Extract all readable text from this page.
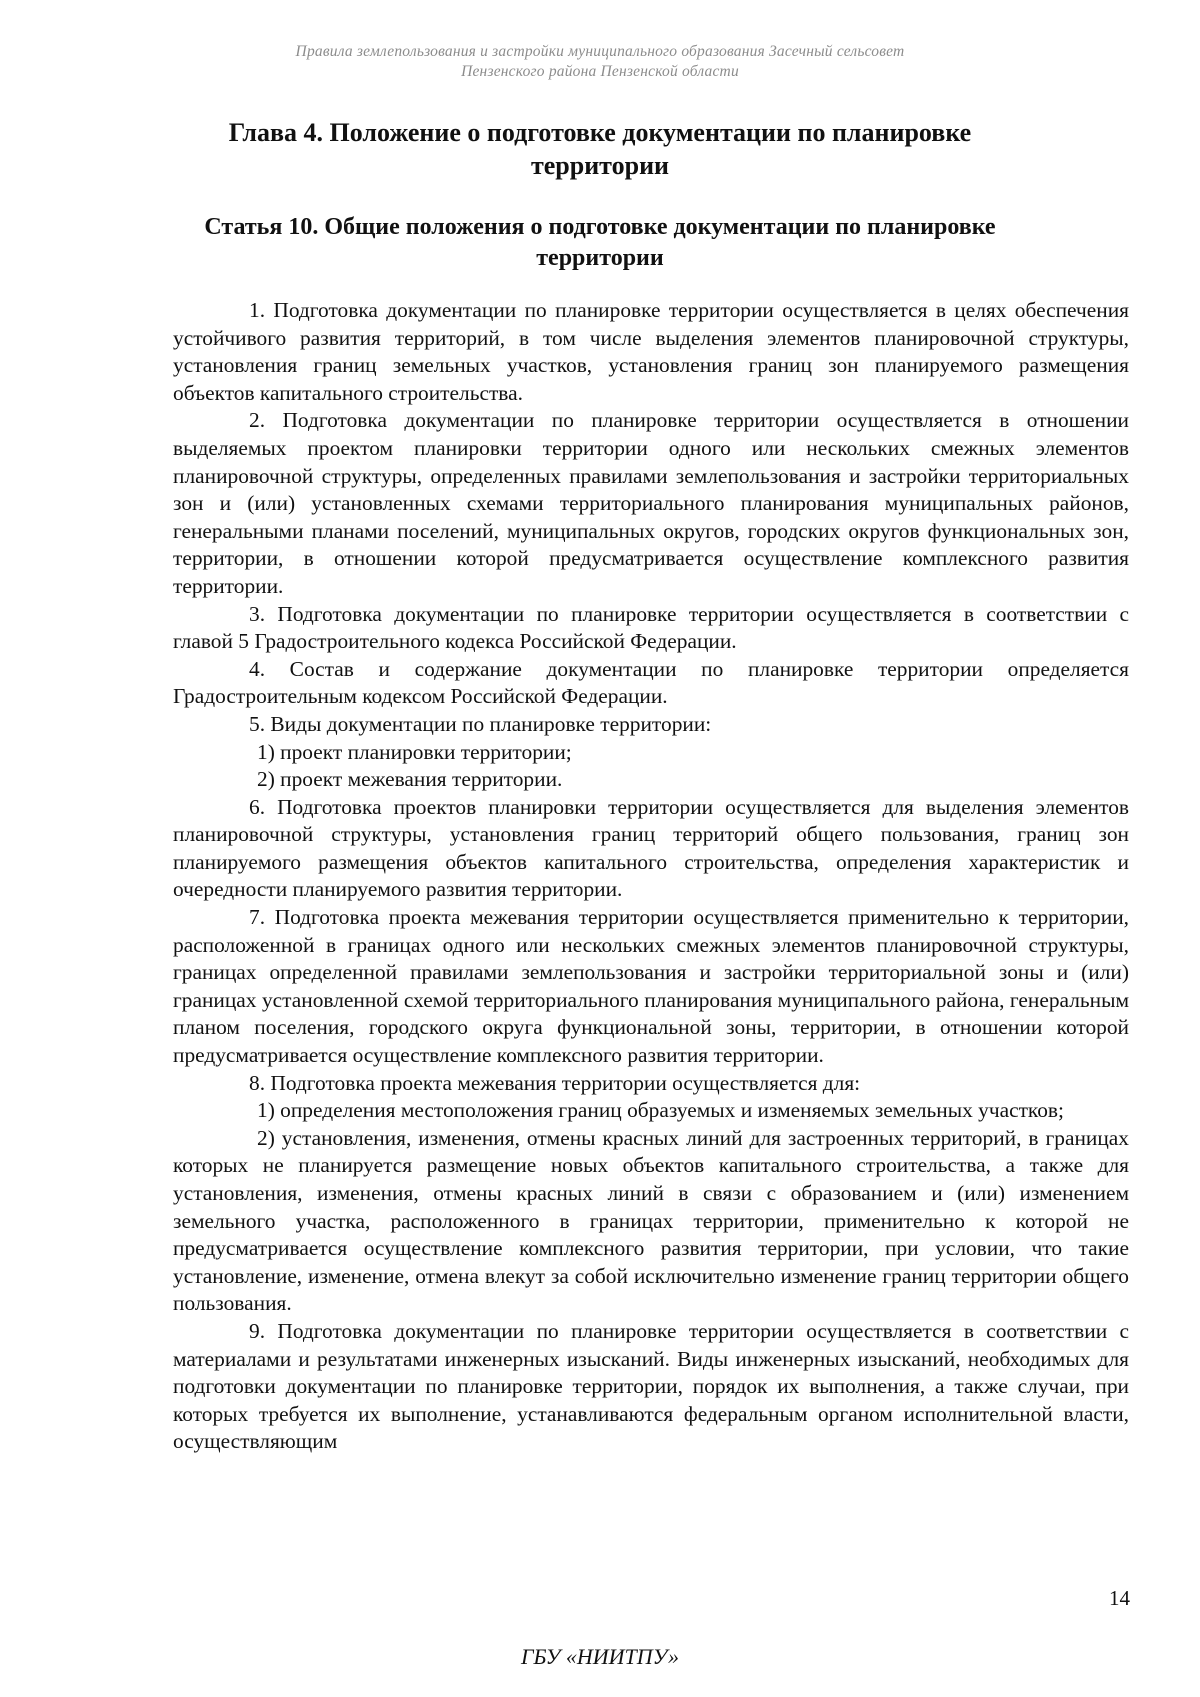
Правила землепользования и застройки муниципального образования Засечный сельсовет
Пензенского района Пензенской области
Глава 4. Положение о подготовке документации по планировке территории
Статья 10. Общие положения о подготовке документации по планировке территории

1. Подготовка документации по планировке территории осуществляется в целях обеспечения устойчивого развития территорий, в том числе выделения элементов планировочной структуры, установления границ земельных участков, установления границ зон планируемого размещения объектов капитального строительства.

2. Подготовка документации по планировке территории осуществляется в отношении выделяемых проектом планировки территории одного или нескольких смежных элементов планировочной структуры, определенных правилами землепользования и застройки территориальных зон и (или) установленных схемами территориального планирования муниципальных районов, генеральными планами поселений, муниципальных округов, городских округов функциональных зон, территории, в отношении которой предусматривается осуществление комплексного развития территории.

3. Подготовка документации по планировке территории осуществляется в соответствии с главой 5 Градостроительного кодекса Российской Федерации.

4. Состав и содержание документации по планировке территории определяется Градостроительным кодексом Российской Федерации.

5. Виды документации по планировке территории:

1) проект планировки территории;

2) проект межевания территории.

6. Подготовка проектов планировки территории осуществляется для выделения элементов планировочной структуры, установления границ территорий общего пользования, границ зон планируемого размещения объектов капитального строительства, определения характеристик и очередности планируемого развития территории.

7. Подготовка проекта межевания территории осуществляется применительно к территории, расположенной в границах одного или нескольких смежных элементов планировочной структуры, границах определенной правилами землепользования и застройки территориальной зоны и (или) границах установленной схемой территориального планирования муниципального района, генеральным планом поселения, городского округа функциональной зоны, территории, в отношении которой предусматривается осуществление комплексного развития территории.

8. Подготовка проекта межевания территории осуществляется для:

1) определения местоположения границ образуемых и изменяемых земельных участков;

2) установления, изменения, отмены красных линий для застроенных территорий, в границах которых не планируется размещение новых объектов капитального строительства, а также для установления, изменения, отмены красных линий в связи с образованием и (или) изменением земельного участка, расположенного в границах территории, применительно к которой не предусматривается осуществление комплексного развития территории, при условии, что такие установление, изменение, отмена влекут за собой исключительно изменение границ территории общего пользования.

9. Подготовка документации по планировке территории осуществляется в соответствии с материалами и результатами инженерных изысканий. Виды инженерных изысканий, необходимых для подготовки документации по планировке территории, порядок их выполнения, а также случаи, при которых требуется их выполнение, устанавливаются федеральным органом исполнительной власти, осуществляющим

14
ГБУ «НИИТПУ»
